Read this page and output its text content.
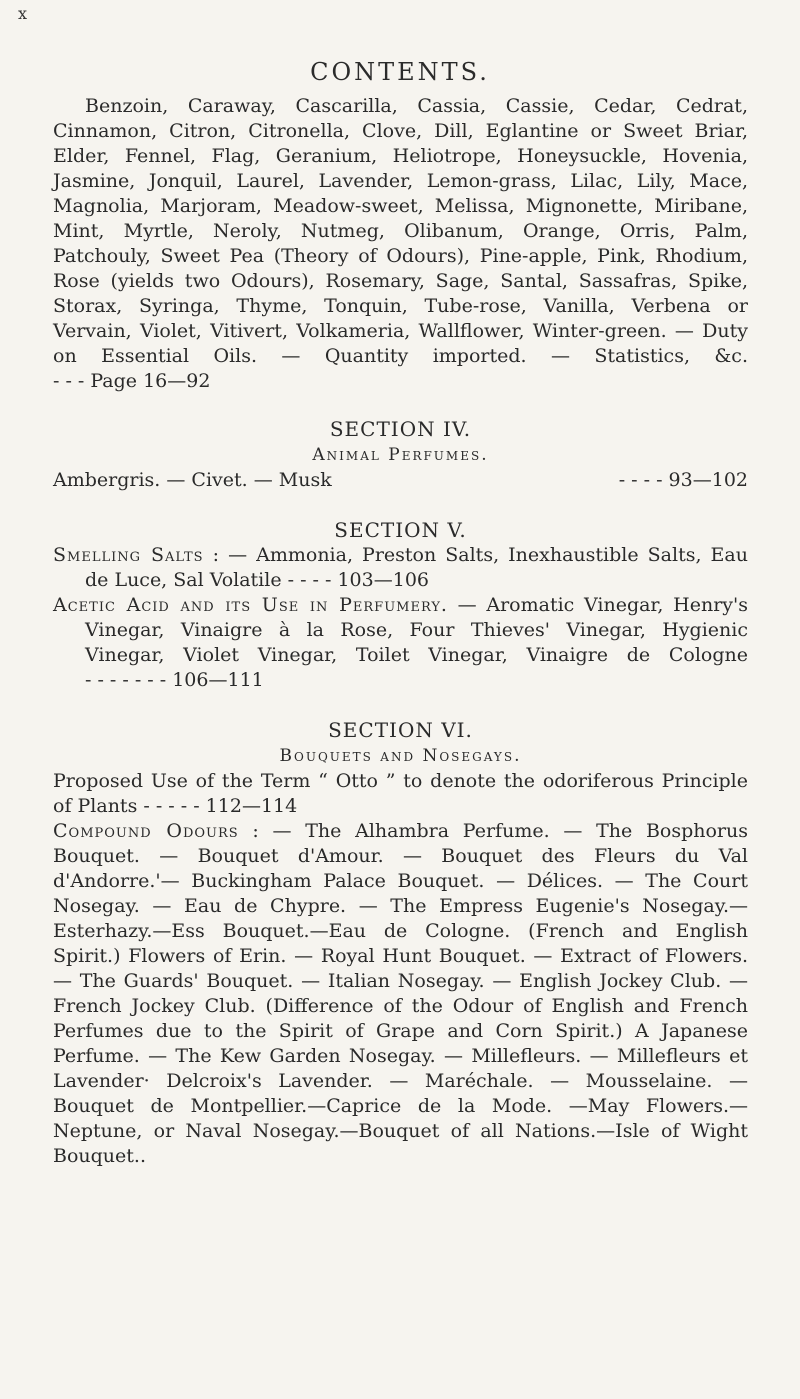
x
CONTENTS.

Benzoin, Caraway, Cascarilla, Cassia, Cassie, Cedar, Cedrat, Cinnamon, Citron, Citronella, Clove, Dill, Eglantine or Sweet Briar, Elder, Fennel, Flag, Geranium, Heliotrope, Honeysuckle, Hovenia, Jasmine, Jonquil, Laurel, Lavender, Lemon-grass, Lilac, Lily, Mace, Magnolia, Marjoram, Meadow-sweet, Melissa, Mignonette, Miribane, Mint, Myrtle, Neroly, Nutmeg, Olibanum, Orange, Orris, Palm, Patchouly, Sweet Pea (Theory of Odours), Pine-apple, Pink, Rhodium, Rose (yields two Odours), Rosemary, Sage, Santal, Sassafras, Spike, Storax, Syringa, Thyme, Tonquin, Tube-rose, Vanilla, Verbena or Vervain, Violet, Vitivert, Volkameria, Wallflower, Winter-green. — Duty on Essential Oils. — Quantity imported. — Statistics, &c. - - - Page 16—92

SECTION IV.

Animal Perfumes.

Ambergris. — Civet. — Musk	- - - - 93—102

SECTION V.

Smelling Salts : — Ammonia, Preston Salts, Inexhaustible Salts, Eau de Luce, Sal Volatile - - - - 103—106

Acetic Acid and its Use in Perfumery. — Aromatic Vinegar, Henry's Vinegar, Vinaigre à la Rose, Four Thieves' Vinegar, Hygienic Vinegar, Violet Vinegar, Toilet Vinegar, Vinaigre de Cologne - - - - - - - 106—111

SECTION VI.

Bouquets and Nosegays.

Proposed Use of the Term “ Otto ” to denote the odoriferous Principle of Plants - - - - - 112—114

Compound Odours : — The Alhambra Perfume. — The Bosphorus Bouquet. — Bouquet d'Amour. — Bouquet des Fleurs du Val d'Andorre.'— Buckingham Palace Bouquet. — Délices. — The Court Nosegay. — Eau de Chypre. — The Empress Eugenie's Nosegay.—Esterhazy.—Ess Bouquet.—Eau de Cologne. (French and English Spirit.) Flowers of Erin. — Royal Hunt Bouquet. — Extract of Flowers. — The Guards' Bouquet. — Italian Nosegay. — English Jockey Club. — French Jockey Club. (Difference of the Odour of English and French Perfumes due to the Spirit of Grape and Corn Spirit.) A Japanese Perfume. — The Kew Garden Nosegay. — Millefleurs. — Millefleurs et Lavender· Delcroix's Lavender. — Maréchale. — Mousselaine. — Bouquet de Montpellier.—Caprice de la Mode. —May Flowers.— Neptune, or Naval Nosegay.—Bouquet of all Nations.—Isle of Wight Bouquet..
